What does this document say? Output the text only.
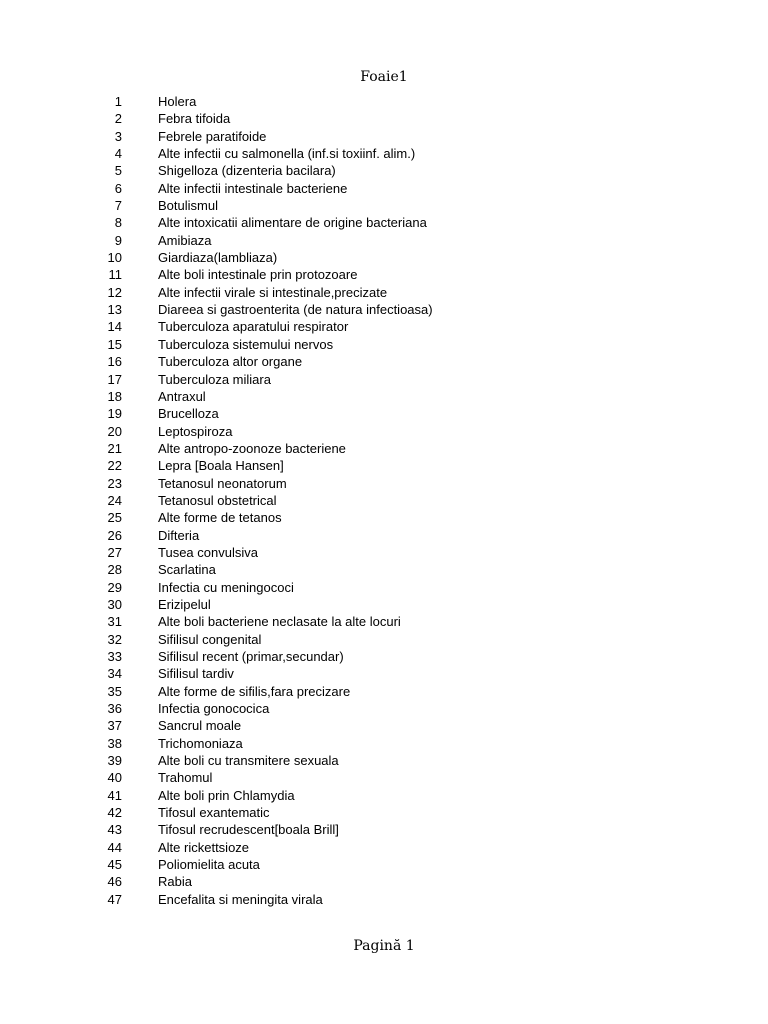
Foaie1
1	Holera
2	Febra tifoida
3	Febrele paratifoide
4	Alte infectii cu salmonella (inf.si toxiinf. alim.)
5	Shigelloza (dizenteria bacilara)
6	Alte infectii intestinale bacteriene
7	Botulismul
8	Alte intoxicatii alimentare de origine bacteriana
9	Amibiaza
10	Giardiaza(lambliaza)
11	Alte boli intestinale prin protozoare
12	Alte infectii virale si intestinale,precizate
13	Diareea si gastroenterita (de natura infectioasa)
14	Tuberculoza aparatului respirator
15	Tuberculoza sistemului nervos
16	Tuberculoza altor organe
17	Tuberculoza miliara
18	Antraxul
19	Brucelloza
20	Leptospiroza
21	Alte antropo-zoonoze bacteriene
22	Lepra [Boala Hansen]
23	Tetanosul neonatorum
24	Tetanosul obstetrical
25	Alte forme de tetanos
26	Difteria
27	Tusea convulsiva
28	Scarlatina
29	Infectia cu meningococi
30	Erizipelul
31	Alte boli bacteriene neclasate la alte locuri
32	Sifilisul congenital
33	Sifilisul recent (primar,secundar)
34	Sifilisul tardiv
35	Alte forme de sifilis,fara precizare
36	Infectia gonococica
37	Sancrul moale
38	Trichomoniaza
39	Alte boli cu transmitere sexuala
40	Trahomul
41	Alte boli prin Chlamydia
42	Tifosul exantematic
43	Tifosul recrudescent[boala Brill]
44	Alte rickettsioze
45	Poliomielita acuta
46	Rabia
47	Encefalita si meningita virala
Pagină 1
